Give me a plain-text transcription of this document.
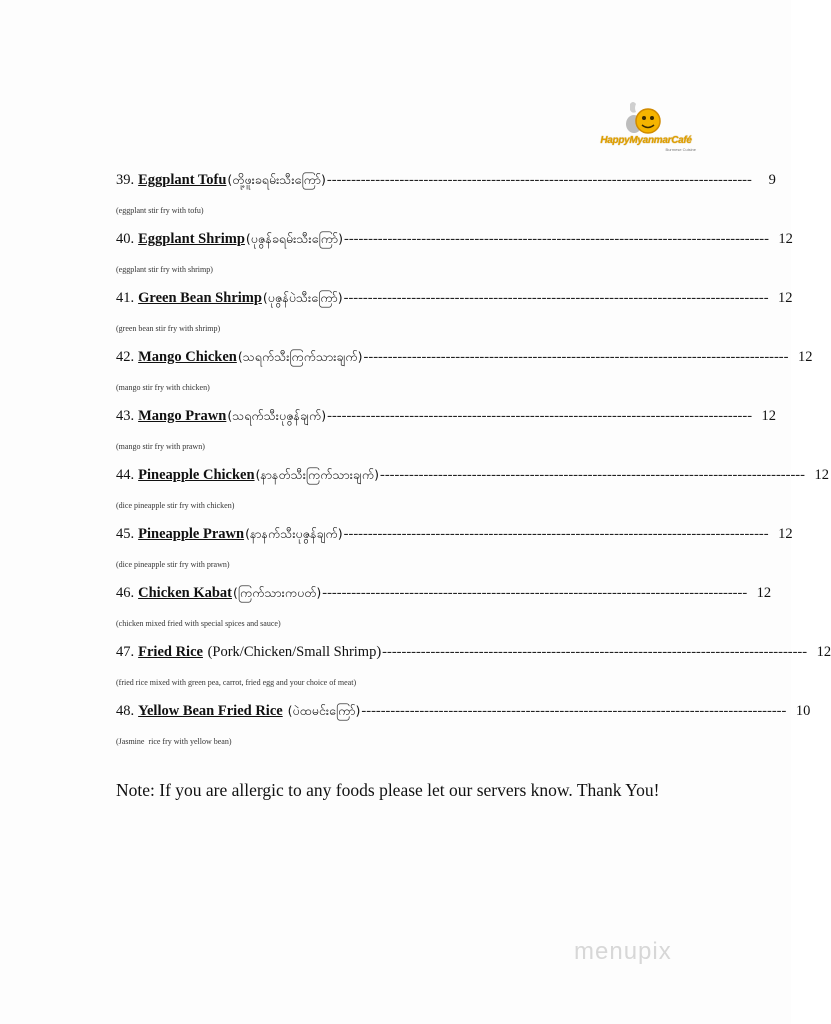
HappyMyanmarCafé
Burmese Cuisine
39. Eggplant Tofu (တို့ဖူးခရမ်းသီးကြော်) ----------------------------------------------------------------------------------------	9
(eggplant stir fry with tofu)
40. Eggplant Shrimp (ပုဇွန်ခရမ်းသီးကြော်) ---------------------------------------------------------------------------------------- 12
(eggplant stir fry with shrimp)
41. Green Bean Shrimp (ပုဇွန်ပဲသီးကြော်) ---------------------------------------------------------------------------------------- 12
(green bean stir fry with shrimp)
42. Mango Chicken (သရက်သီးကြက်သားချက်) ---------------------------------------------------------------------------------------- 12
(mango stir fry with chicken)
43. Mango Prawn (သရက်သီးပုဇွန်ချက်) ---------------------------------------------------------------------------------------- 12
(mango stir fry with prawn)
44. Pineapple Chicken (နာနတ်သီးကြက်သားချက်) ---------------------------------------------------------------------------------------- 12
(dice pineapple stir fry with chicken)
45. Pineapple Prawn (နာနက်သီးပုဇွန်ချက်) ---------------------------------------------------------------------------------------- 12
(dice pineapple stir fry with prawn)
46. Chicken Kabat (ကြက်သားကပတ်) ---------------------------------------------------------------------------------------- 12
(chicken mixed fried with special spices and sauce)
47. Fried Rice (Pork/Chicken/Small Shrimp) ---------------------------------------------------------------------------------------- 12
(fried rice mixed with green pea, carrot, fried egg and your choice of meat)
48. Yellow Bean Fried Rice (ပဲထမင်းကြော်) ---------------------------------------------------------------------------------------- 10
(Jasmine  rice fry with yellow bean)
Note: If you are allergic to any foods please let our servers know. Thank You!
menupix
